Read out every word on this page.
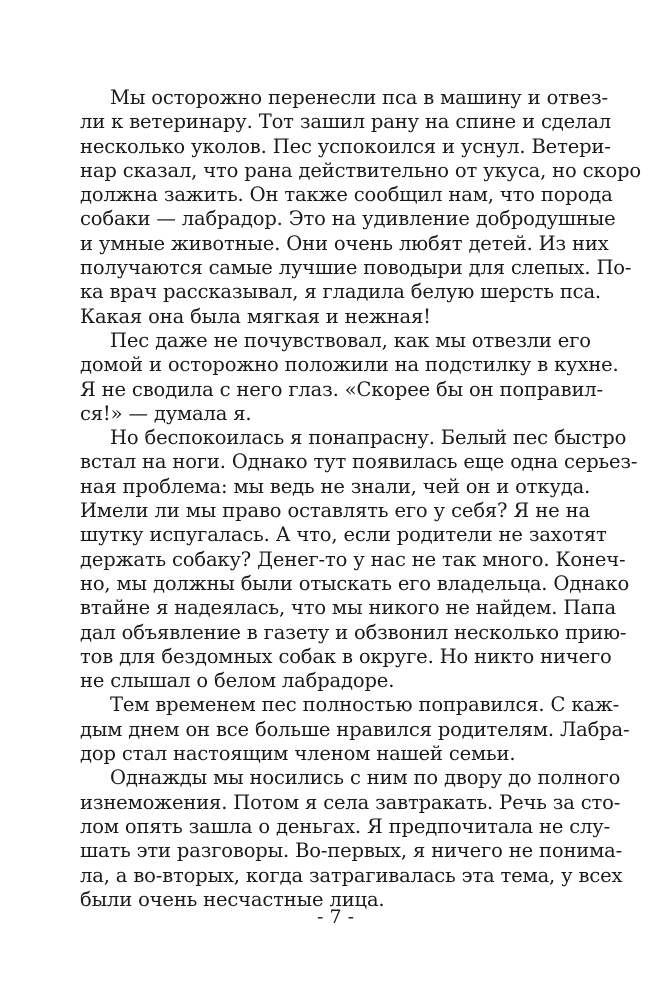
Мы осторожно перенесли пса в машину и отвез-
ли к ветеринару. Тот зашил рану на спине и сделал
несколько уколов. Пес успокоился и уснул. Ветери-
нар сказал, что рана действительно от укуса, но скоро
должна зажить. Он также сообщил нам, что порода
собаки — лабрадор. Это на удивление добродушные
и умные животные. Они очень любят детей. Из них
получаются самые лучшие поводыри для слепых. По-
ка врач рассказывал, я гладила белую шерсть пса.
Какая она была мягкая и нежная!
Пес даже не почувствовал, как мы отвезли его
домой и осторожно положили на подстилку в кухне.
Я не сводила с него глаз. «Скорее бы он поправил-
ся!» — думала я.
Но беспокоилась я понапрасну. Белый пес быстро
встал на ноги. Однако тут появилась еще одна серьез-
ная проблема: мы ведь не знали, чей он и откуда.
Имели ли мы право оставлять его у себя? Я не на
шутку испугалась. А что, если родители не захотят
держать собаку? Денег-то у нас не так много. Конеч-
но, мы должны были отыскать его владельца. Однако
втайне я надеялась, что мы никого не найдем. Папа
дал объявление в газету и обзвонил несколько прию-
тов для бездомных собак в округе. Но никто ничего
не слышал о белом лабрадоре.
Тем временем пес полностью поправился. С каж-
дым днем он все больше нравился родителям. Лабра-
дор стал настоящим членом нашей семьи.
Однажды мы носились с ним по двору до полного
изнеможения. Потом я села завтракать. Речь за сто-
лом опять зашла о деньгах. Я предпочитала не слу-
шать эти разговоры. Во-первых, я ничего не понима-
ла, а во-вторых, когда затрагивалась эта тема, у всех
были очень несчастные лица.
- 7 -
